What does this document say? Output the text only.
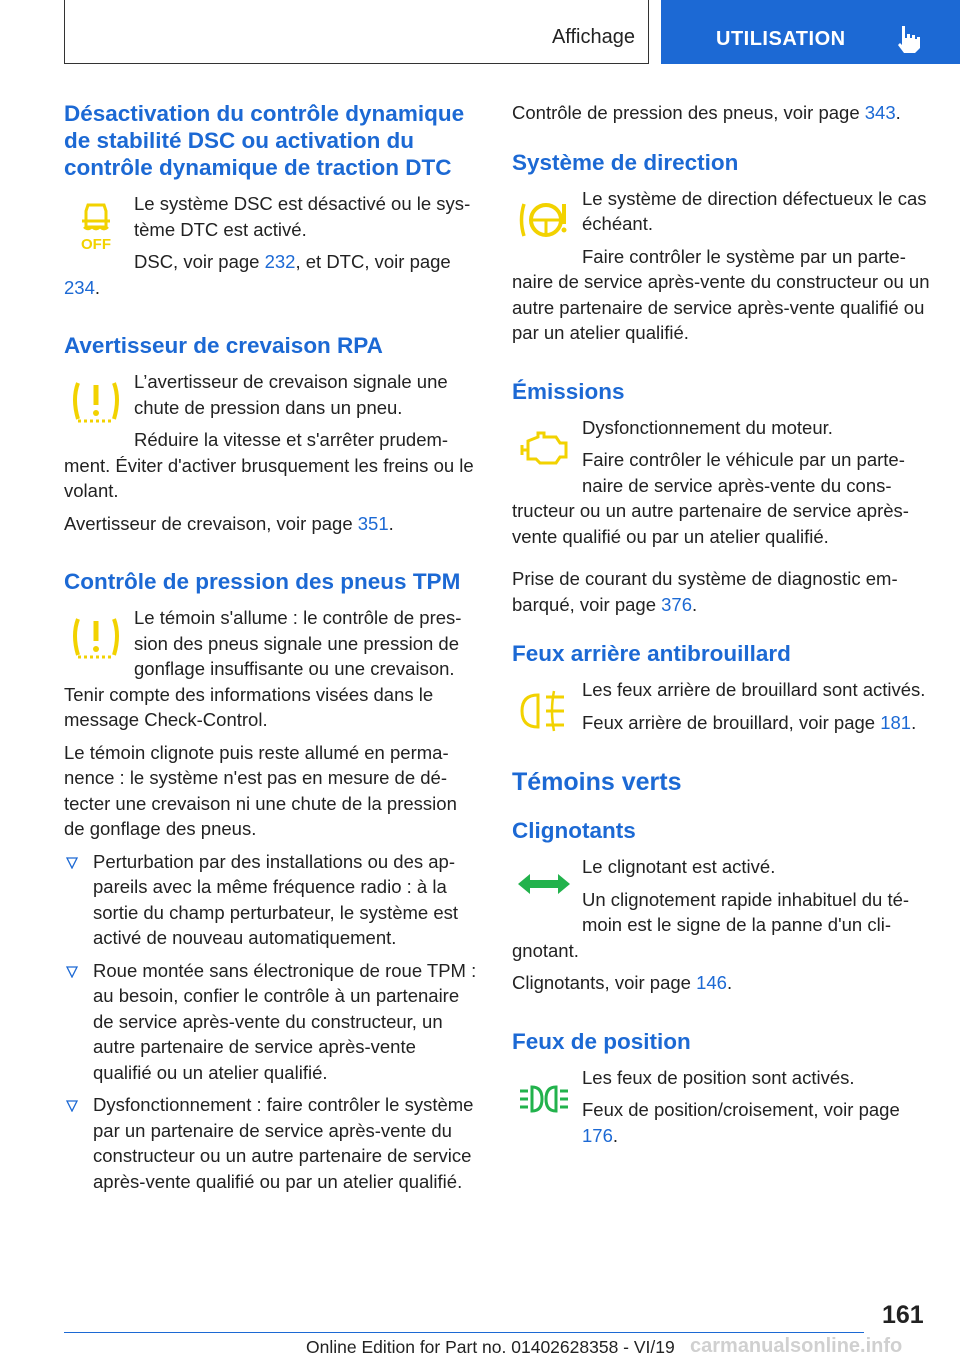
Affichage	UTILISATION
Désactivation du contrôle dynamique de stabilité DSC ou activation du contrôle dynamique de traction DTC
OFF

Le système DSC est désactivé ou le système DTC est activé.

DSC, voir page 232, et DTC, voir page 234.

Avertisseur de crevaison RPA

L’avertisseur de crevaison signale une chute de pression dans un pneu.

Réduire la vitesse et s'arrêter prudemment. Éviter d'activer brusquement les freins ou le volant.

Avertisseur de crevaison, voir page 351.

Contrôle de pression des pneus TPM

Le témoin s'allume : le contrôle de pression des pneus signale une pression de gonflage insuffisante ou une crevaison. Tenir compte des informations visées dans le message Check-Control.

Le témoin clignote puis reste allumé en permanence : le système n'est pas en mesure de détecter une crevaison ni une chute de la pression de gonflage des pneus.

Perturbation par des installations ou des appareils avec la même fréquence radio : à la sortie du champ perturbateur, le système est activé de nouveau automatiquement.
Roue montée sans électronique de roue TPM : au besoin, confier le contrôle à un partenaire de service après-vente du constructeur, un autre partenaire de service après-vente qualifié ou un atelier qualifié.
Dysfonctionnement : faire contrôler le système par un partenaire de service après-vente du constructeur ou un autre partenaire de service après-vente qualifié ou par un atelier qualifié.

Contrôle de pression des pneus, voir page 343.

Système de direction

Le système de direction défectueux le cas échéant.

Faire contrôler le système par un partenaire de service après-vente du constructeur ou un autre partenaire de service après-vente qualifié ou par un atelier qualifié.

Émissions

Dysfonctionnement du moteur.

Faire contrôler le véhicule par un partenaire de service après-vente du constructeur ou un autre partenaire de service après-vente qualifié ou par un atelier qualifié.

Prise de courant du système de diagnostic embarqué, voir page 376.

Feux arrière antibrouillard

Les feux arrière de brouillard sont activés.

Feux arrière de brouillard, voir page 181.

Témoins verts
Clignotants

Le clignotant est activé.

Un clignotement rapide inhabituel du témoin est le signe de la panne d'un clignotant.

Clignotants, voir page 146.

Feux de position

Les feux de position sont activés.

Feux de position/croisement, voir page 176.

161
Online Edition for Part no. 01402628358 - VI/19 carmanualsonline.info
